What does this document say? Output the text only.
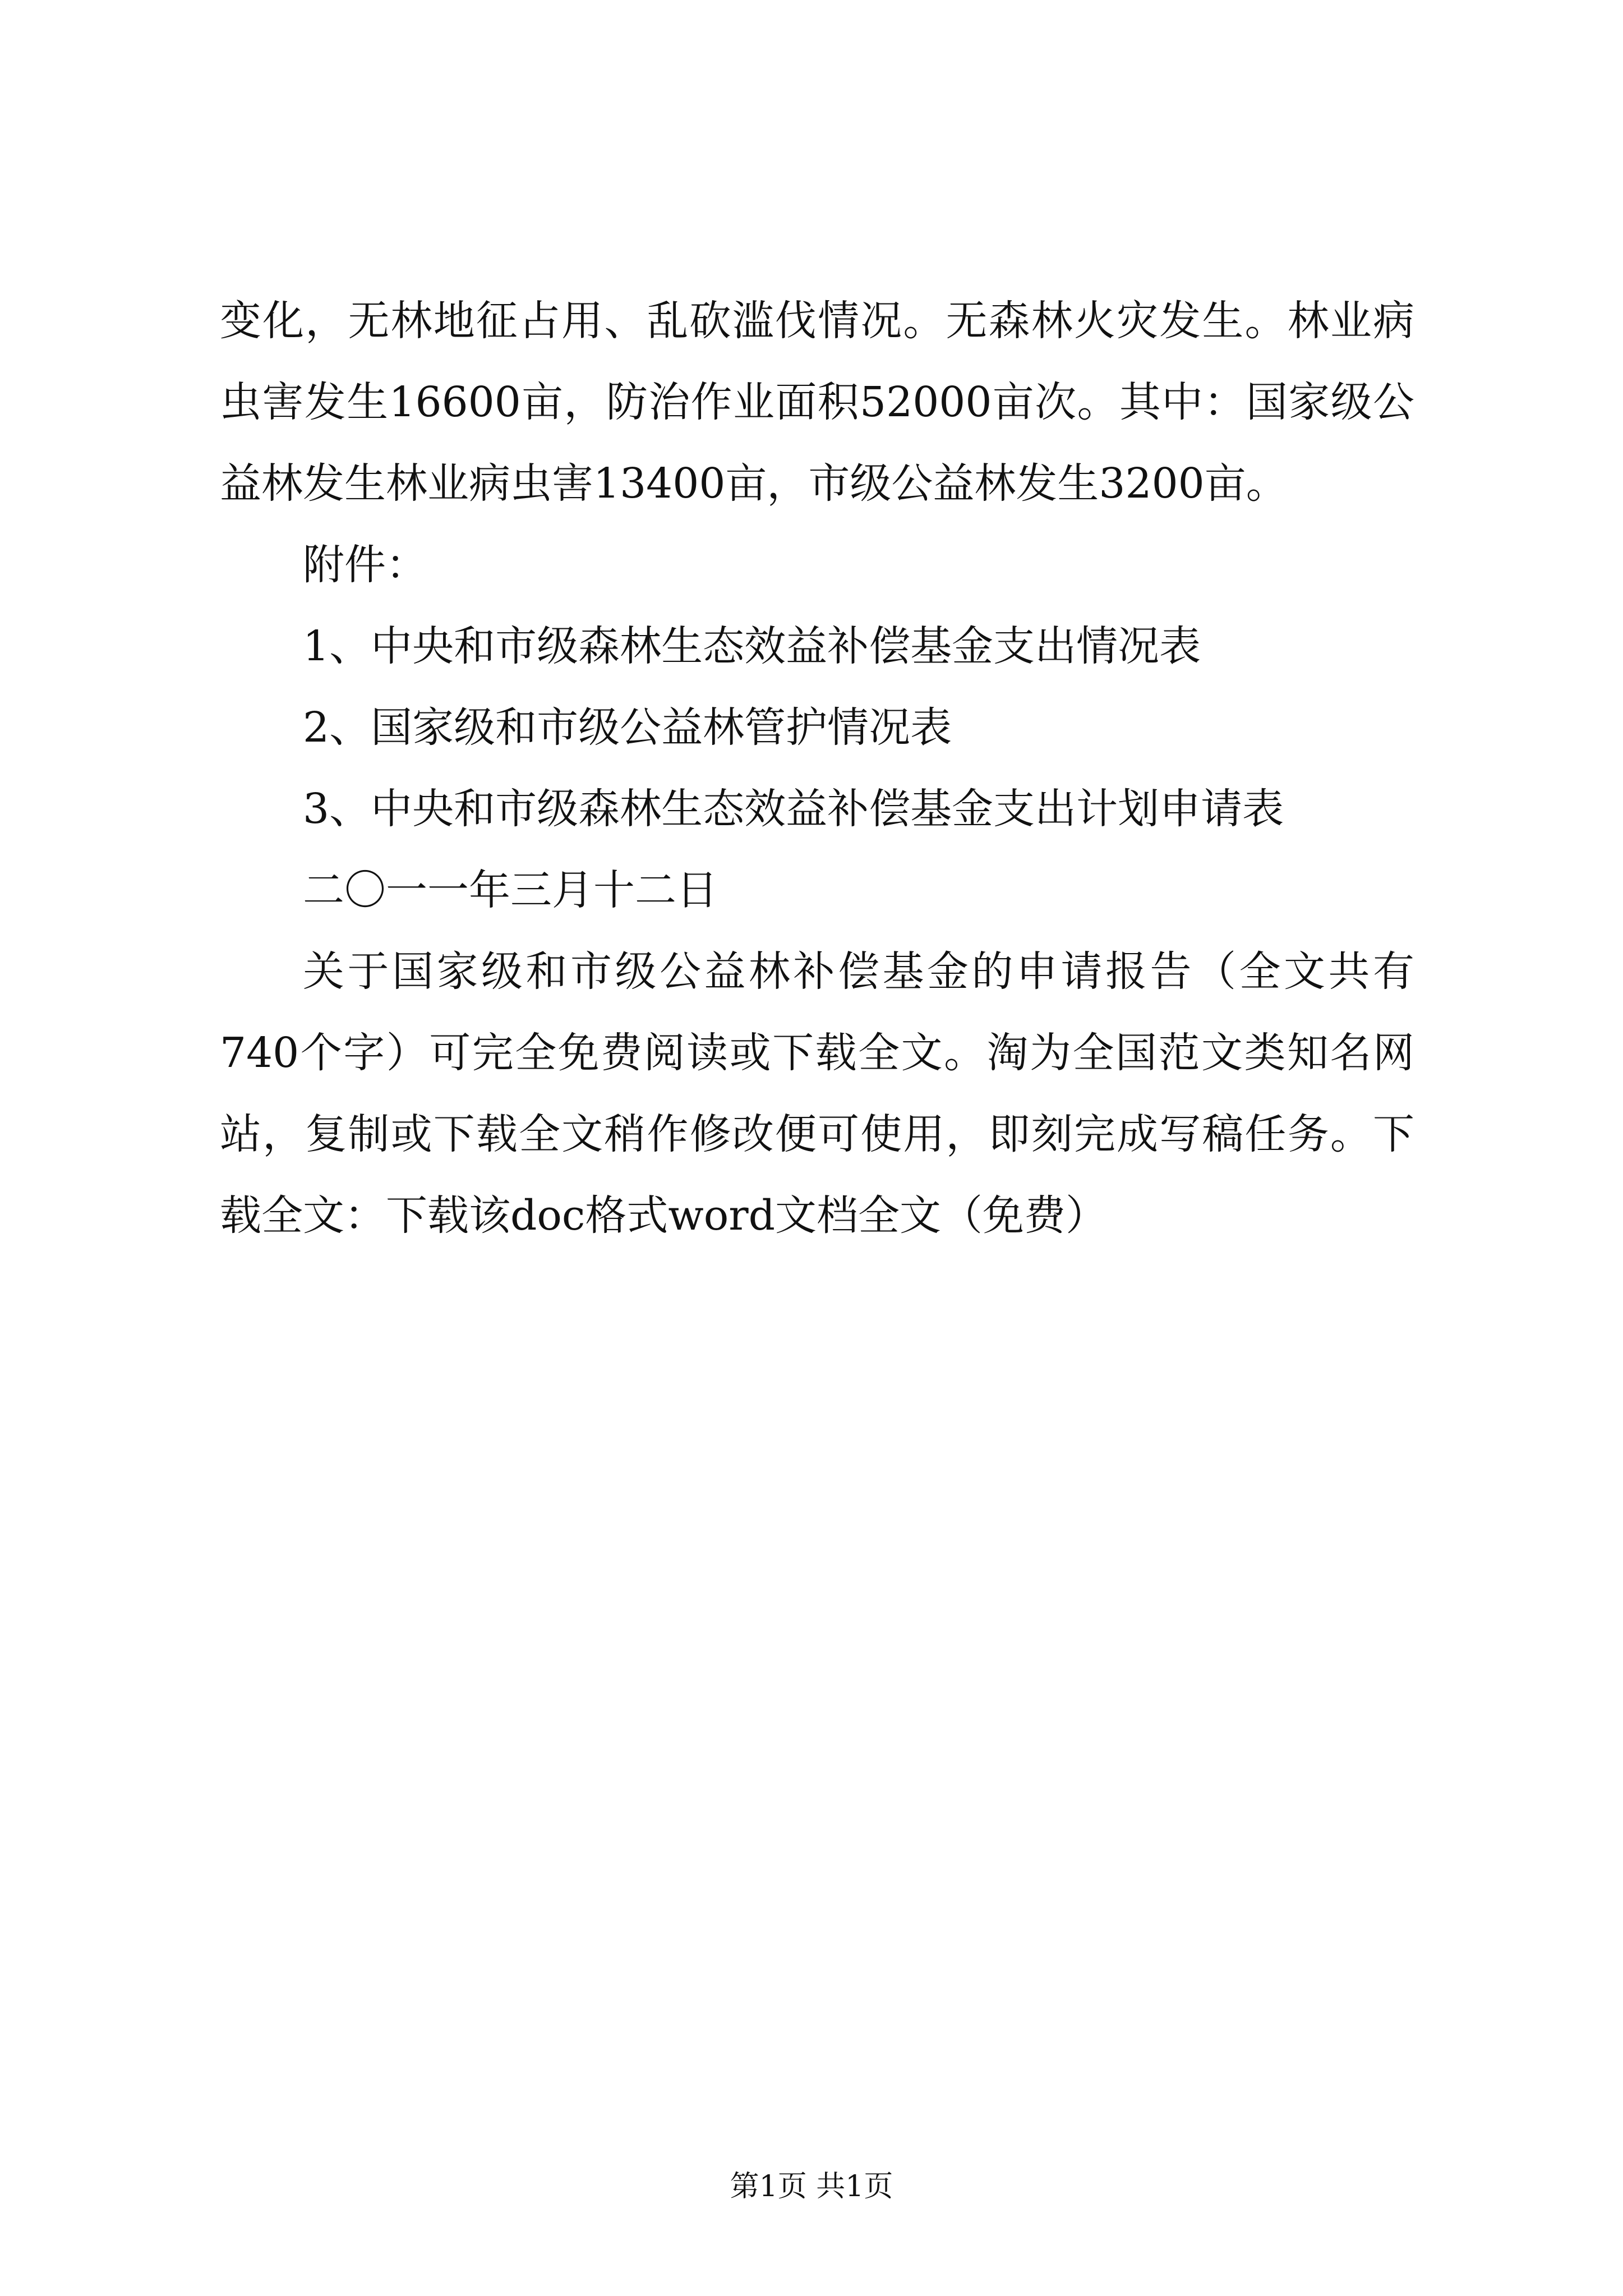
变化，无林地征占用、乱砍滥伐情况。无森林火灾发生。林业病虫害发生16600亩，防治作业面积52000亩次。其中：国家级公益林发生林业病虫害13400亩，市级公益林发生3200亩。

附件：

1、中央和市级森林生态效益补偿基金支出情况表

2、国家级和市级公益林管护情况表

3、中央和市级森林生态效益补偿基金支出计划申请表

二〇一一年三月十二日

关于国家级和市级公益林补偿基金的申请报告（全文共有740个字）可完全免费阅读或下载全文。淘为全国范文类知名网站，复制或下载全文稍作修改便可使用，即刻完成写稿任务。下载全文：下载该doc格式word文档全文（免费）

第1页 共1页
